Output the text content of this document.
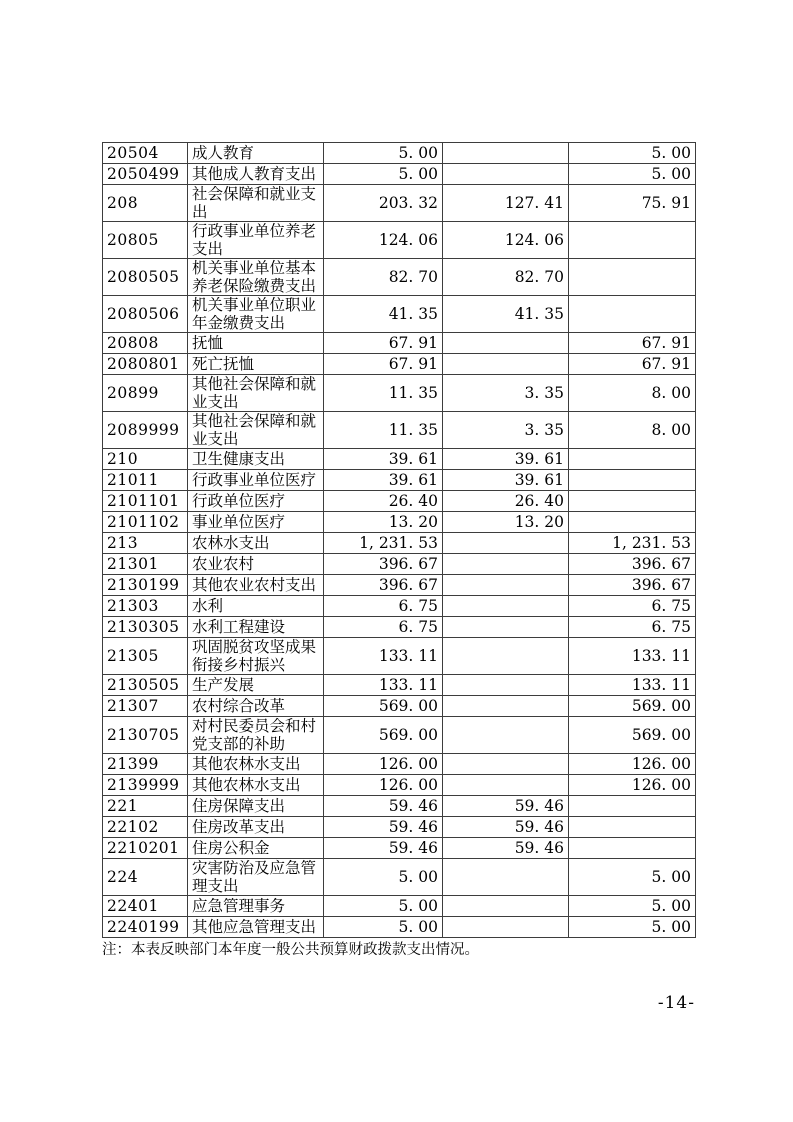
20504	成人教育	5. 00		5. 00
2050499	其他成人教育支出	5. 00		5. 00
208	社会保障和就业支出	203. 32	127. 41	75. 91
20805	行政事业单位养老支出	124. 06	124. 06	
2080505	机关事业单位基本养老保险缴费支出	82. 70	82. 70	
2080506	机关事业单位职业年金缴费支出	41. 35	41. 35	
20808	抚恤	67. 91		67. 91
2080801	死亡抚恤	67. 91		67. 91
20899	其他社会保障和就业支出	11. 35	3. 35	8. 00
2089999	其他社会保障和就业支出	11. 35	3. 35	8. 00
210	卫生健康支出	39. 61	39. 61	
21011	行政事业单位医疗	39. 61	39. 61	
2101101	行政单位医疗	26. 40	26. 40	
2101102	事业单位医疗	13. 20	13. 20	
213	农林水支出	1, 231. 53		1, 231. 53
21301	农业农村	396. 67		396. 67
2130199	其他农业农村支出	396. 67		396. 67
21303	水利	6. 75		6. 75
2130305	水利工程建设	6. 75		6. 75
21305	巩固脱贫攻坚成果衔接乡村振兴	133. 11		133. 11
2130505	生产发展	133. 11		133. 11
21307	农村综合改革	569. 00		569. 00
2130705	对村民委员会和村党支部的补助	569. 00		569. 00
21399	其他农林水支出	126. 00		126. 00
2139999	其他农林水支出	126. 00		126. 00
221	住房保障支出	59. 46	59. 46	
22102	住房改革支出	59. 46	59. 46	
2210201	住房公积金	59. 46	59. 46	
224	灾害防治及应急管理支出	5. 00		5. 00
22401	应急管理事务	5. 00		5. 00
2240199	其他应急管理支出	5. 00		5. 00
注：本表反映部门本年度一般公共预算财政拨款支出情况。
-14-
